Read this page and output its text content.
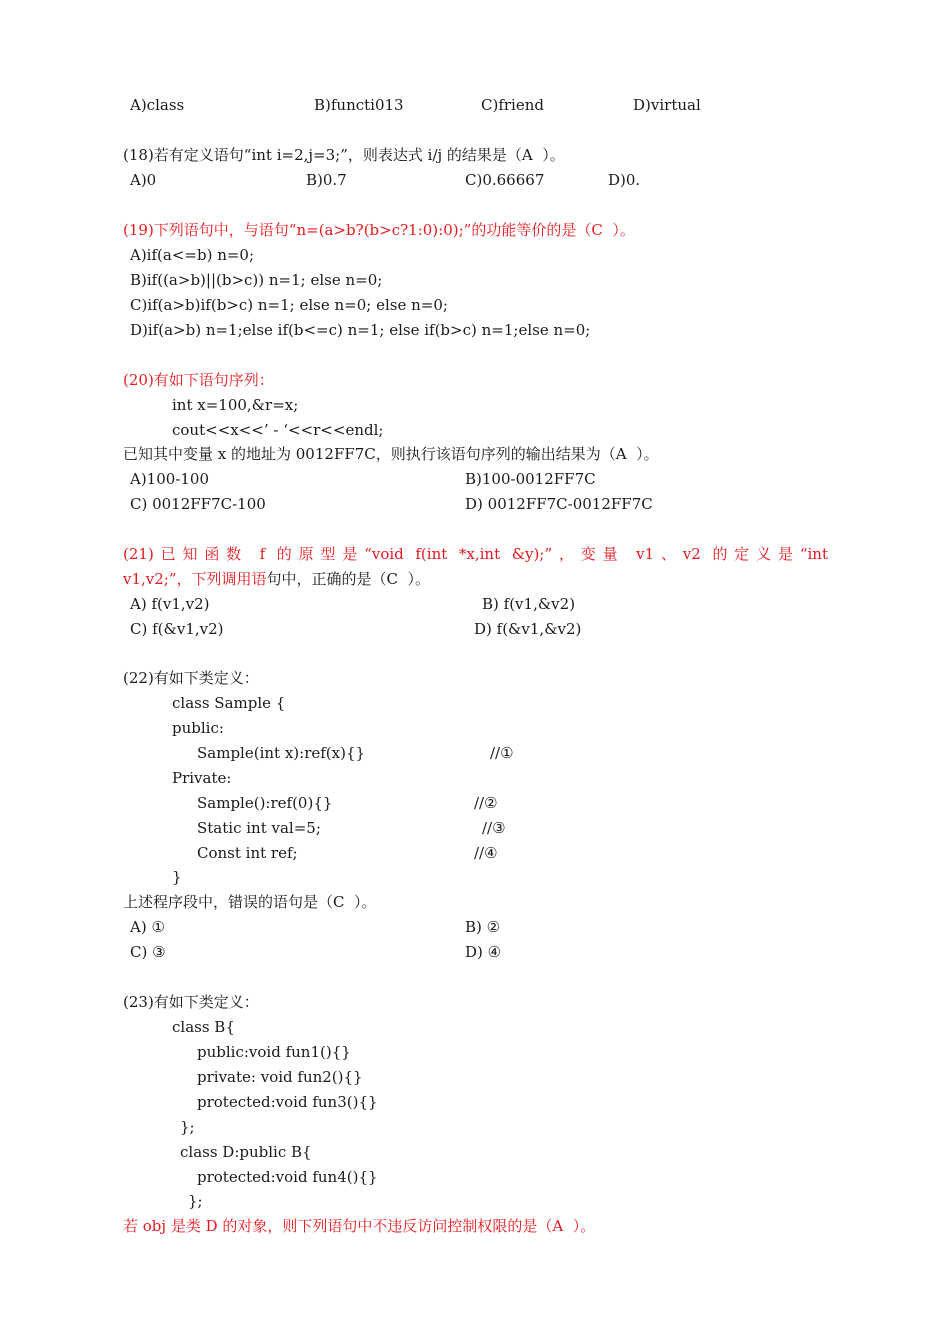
A)class	B)functi013	C)friend	D)virtual
(18)若有定义语句“int i=2,j=3;”，则表达式 i/j 的结果是（A  ）。
A)0	B)0.7	C)0.66667	D)0.
(19)下列语句中，与语句“n=(a>b?(b>c?1:0):0);”的功能等价的是（C  ）。
A)if(a<=b) n=0;
B)if((a>b)||(b>c)) n=1; else n=0;
C)if(a>b)if(b>c) n=1; else n=0; else n=0;
D)if(a>b) n=1;else if(b<=c) n=1; else if(b>c) n=1;else n=0;
(20)有如下语句序列：
int x=100,&r=x;
cout<<x<<’ - ‘<<r<<endl;
已知其中变量 x 的地址为 0012FF7C，则执行该语句序列的输出结果为（A  ）。
A)100-100	B)100-0012FF7C
C) 0012FF7C-100	D) 0012FF7C-0012FF7C
(21)已知函数 f 的原型是“void f(int *x,int &y);”，变量 v1、v2 的定义是“int
v1,v2;”，下列调用语句中，正确的是（C  ）。
A) f(v1,v2)	B) f(v1,&v2)
C) f(&v1,v2)	D) f(&v1,&v2)
(22)有如下类定义：
class Sample {
public:
Sample(int x):ref(x){}	//①
Private:
Sample():ref(0){}	//②
Static int val=5;	//③
Const int ref;	//④
}
上述程序段中，错误的语句是（C  ）。
A) ①	B) ②
C) ③	D) ④
(23)有如下类定义：
class B{
public:void fun1(){}
private: void fun2(){}
protected:void fun3(){}
};
class D:public B{
protected:void fun4(){}
};
若 obj 是类 D 的对象，则下列语句中不违反访问控制权限的是（A  ）。
